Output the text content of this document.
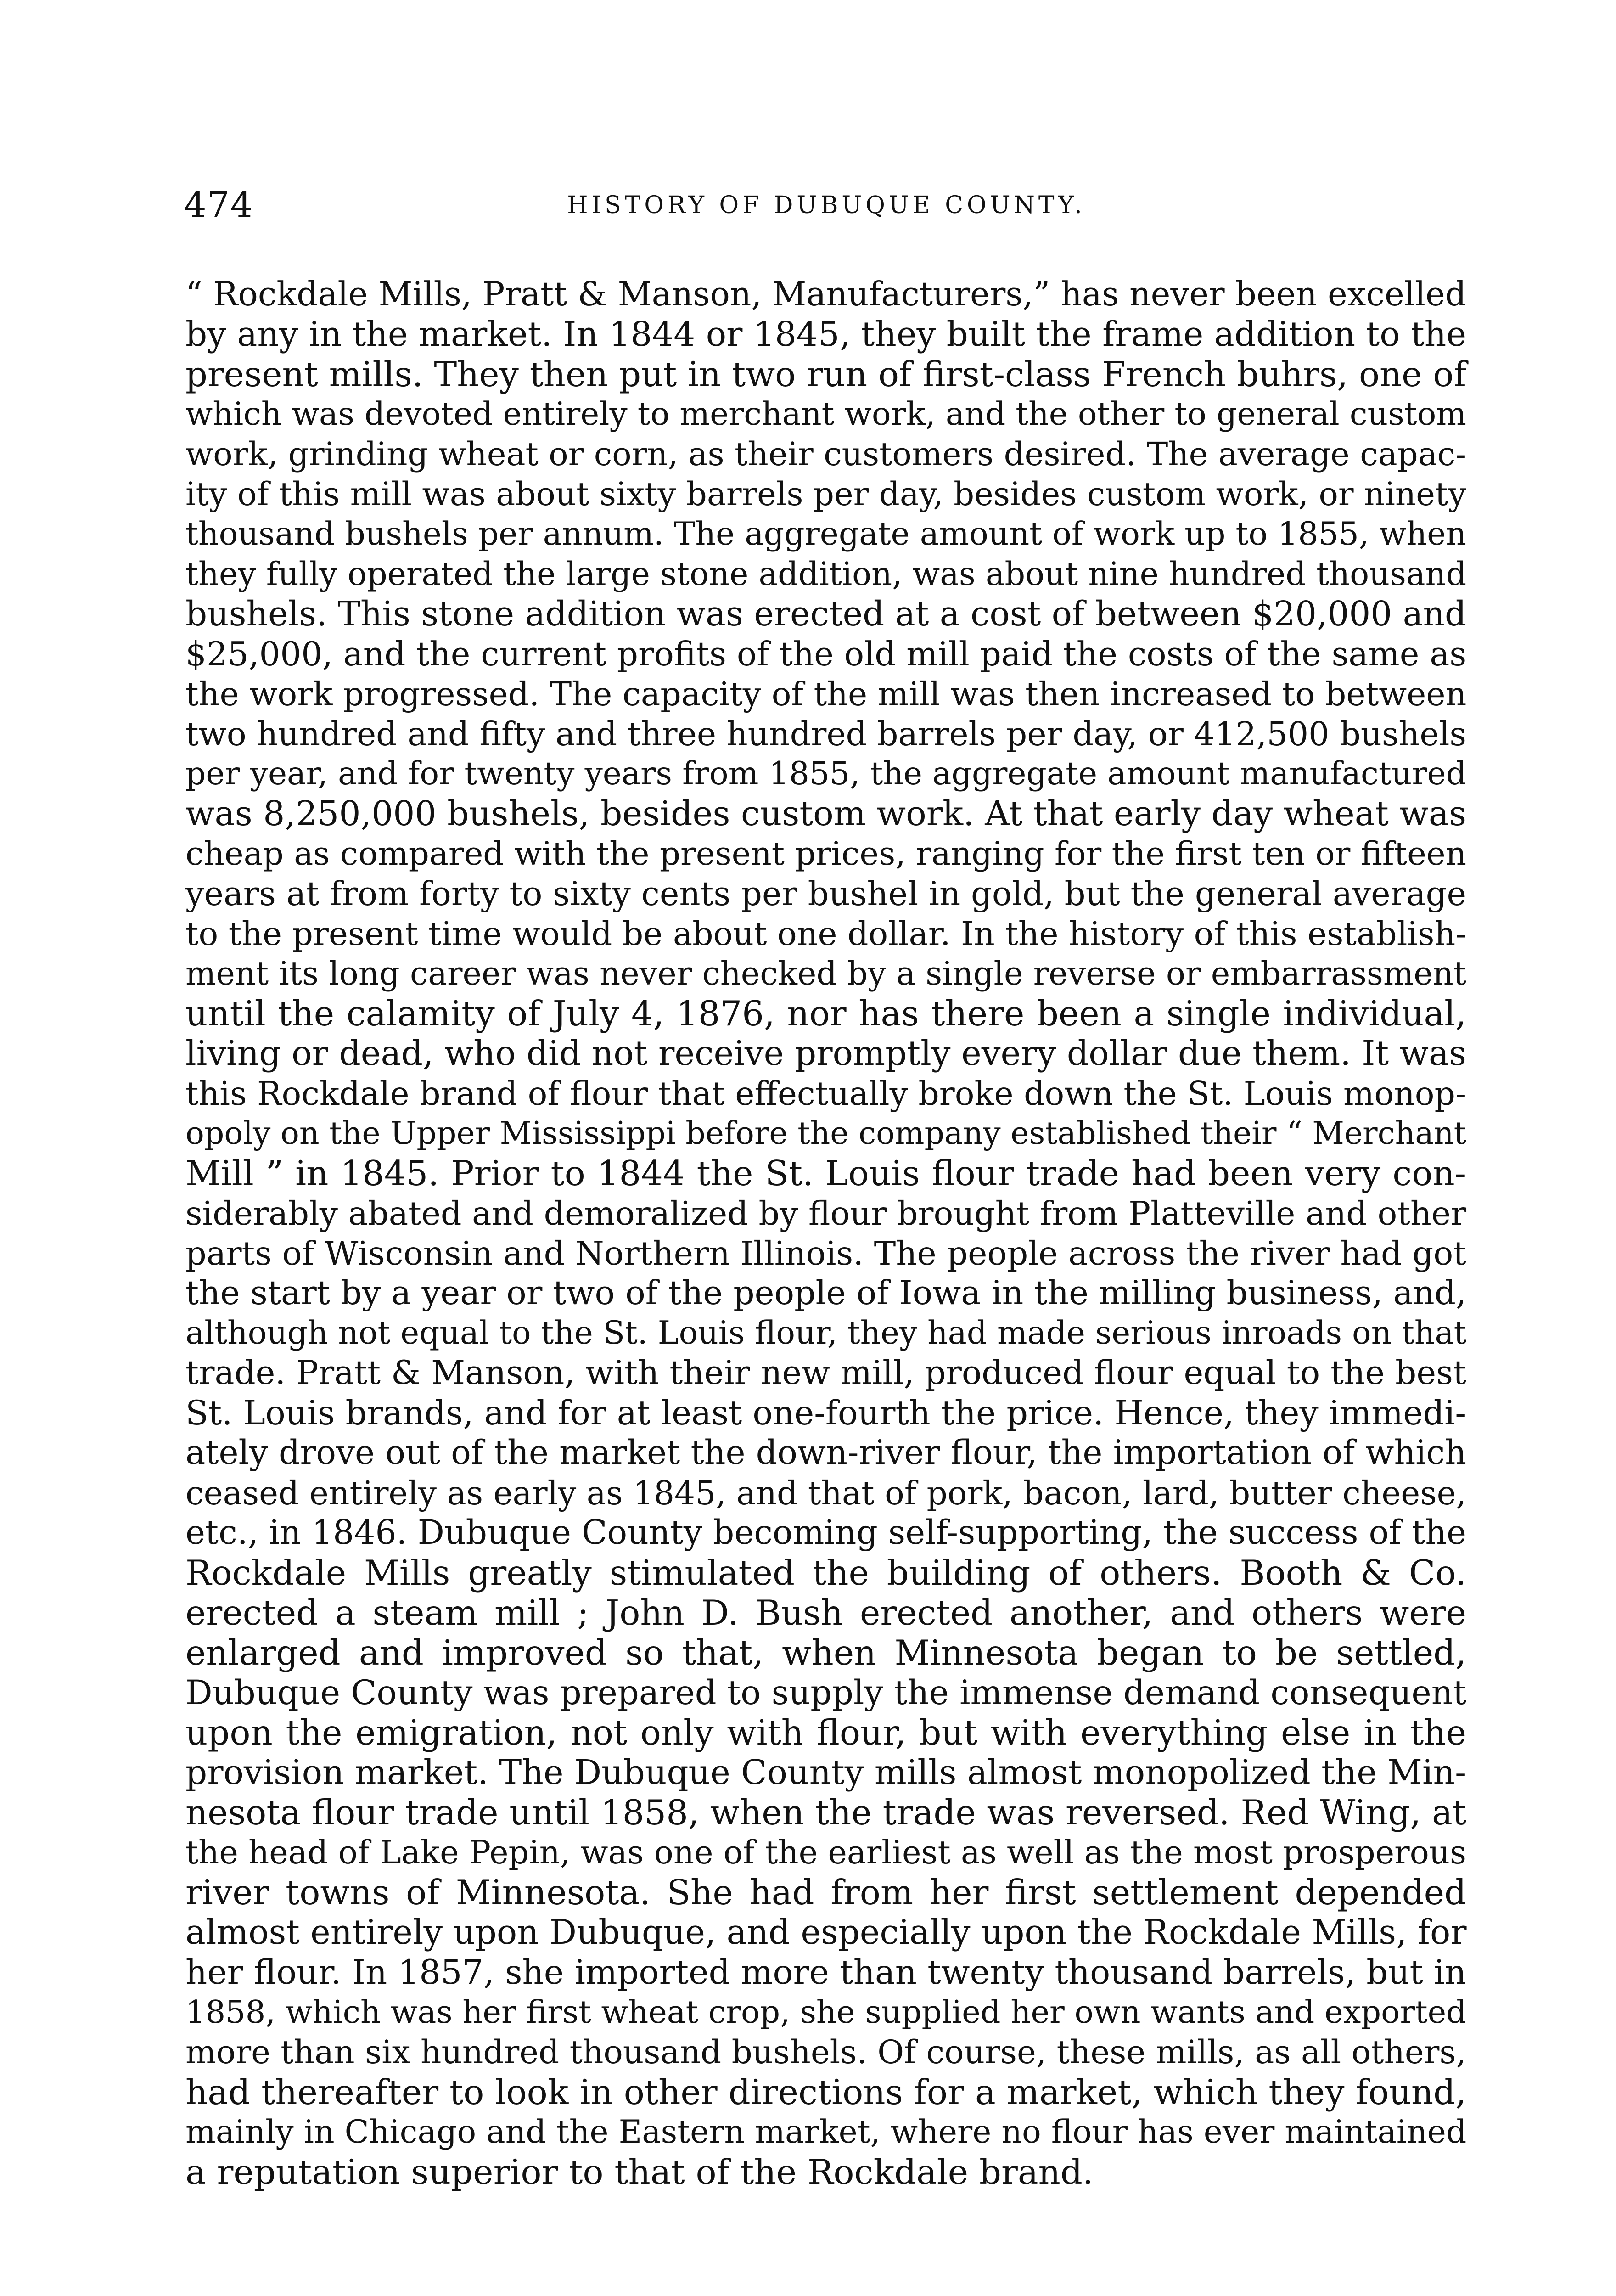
474	HISTORY OF DUBUQUE COUNTY.
“ Rockdale Mills, Pratt & Manson, Manufacturers,” has never been excelled
by any in the market. In 1844 or 1845, they built the frame addition to the
present mills. They then put in two run of first-class French buhrs, one of
which was devoted entirely to merchant work, and the other to general custom
work, grinding wheat or corn, as their customers desired. The average capac-
ity of this mill was about sixty barrels per day, besides custom work, or ninety
thousand bushels per annum. The aggregate amount of work up to 1855, when
they fully operated the large stone addition, was about nine hundred thousand
bushels. This stone addition was erected at a cost of between $20,000 and
$25,000, and the current profits of the old mill paid the costs of the same as
the work progressed. The capacity of the mill was then increased to between
two hundred and fifty and three hundred barrels per day, or 412,500 bushels
per year, and for twenty years from 1855, the aggregate amount manufactured
was 8,250,000 bushels, besides custom work. At that early day wheat was
cheap as compared with the present prices, ranging for the first ten or fifteen
years at from forty to sixty cents per bushel in gold, but the general average
to the present time would be about one dollar. In the history of this establish-
ment its long career was never checked by a single reverse or embarrassment
until the calamity of July 4, 1876, nor has there been a single individual,
living or dead, who did not receive promptly every dollar due them. It was
this Rockdale brand of flour that effectually broke down the St. Louis monop-
opoly on the Upper Mississippi before the company established their “ Merchant
Mill ” in 1845. Prior to 1844 the St. Louis flour trade had been very con-
siderably abated and demoralized by flour brought from Platteville and other
parts of Wisconsin and Northern Illinois. The people across the river had got
the start by a year or two of the people of Iowa in the milling business, and,
although not equal to the St. Louis flour, they had made serious inroads on that
trade. Pratt & Manson, with their new mill, produced flour equal to the best
St. Louis brands, and for at least one-fourth the price. Hence, they immedi-
ately drove out of the market the down-river flour, the importation of which
ceased entirely as early as 1845, and that of pork, bacon, lard, butter cheese,
etc., in 1846. Dubuque County becoming self-supporting, the success of the
Rockdale Mills greatly stimulated the building of others. Booth & Co.
erected a steam mill ; John D. Bush erected another, and others were
enlarged and improved so that, when Minnesota began to be settled,
Dubuque County was prepared to supply the immense demand consequent
upon the emigration, not only with flour, but with everything else in the
provision market. The Dubuque County mills almost monopolized the Min-
nesota flour trade until 1858, when the trade was reversed. Red Wing, at
the head of Lake Pepin, was one of the earliest as well as the most prosperous
river towns of Minnesota. She had from her first settlement depended
almost entirely upon Dubuque, and especially upon the Rockdale Mills, for
her flour. In 1857, she imported more than twenty thousand barrels, but in
1858, which was her first wheat crop, she supplied her own wants and exported
more than six hundred thousand bushels. Of course, these mills, as all others,
had thereafter to look in other directions for a market, which they found,
mainly in Chicago and the Eastern market, where no flour has ever maintained
a reputation superior to that of the Rockdale brand.
